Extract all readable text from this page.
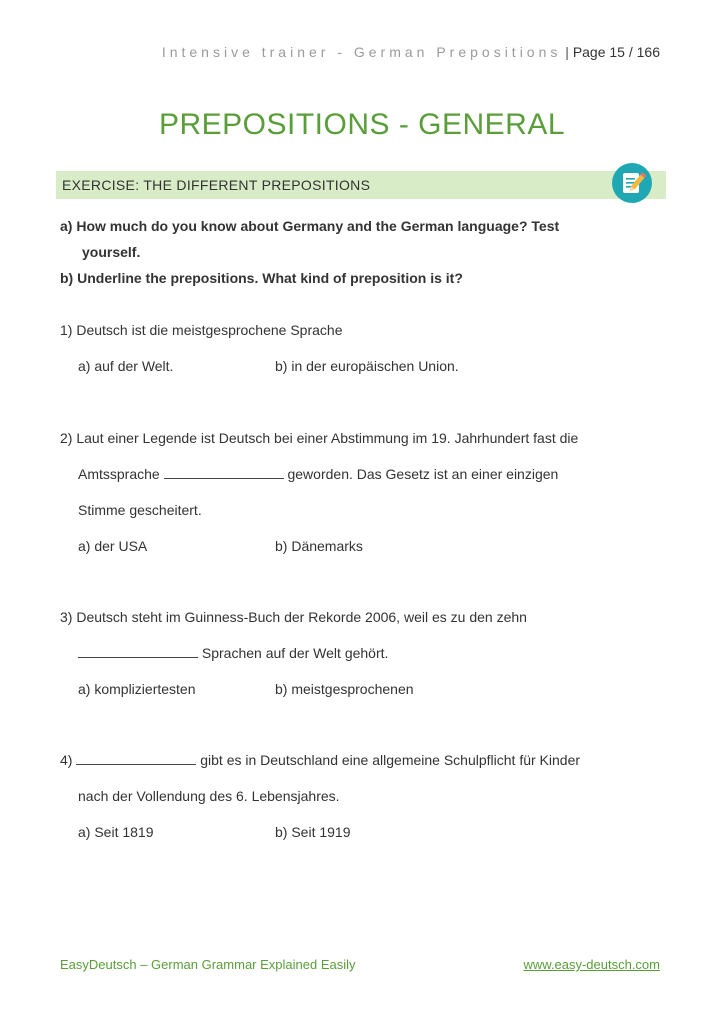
Intensive trainer - German Prepositions | Page 15 / 166
PREPOSITIONS - GENERAL
EXERCISE: THE DIFFERENT PREPOSITIONS
a) How much do you know about Germany and the German language? Test
yourself.
b) Underline the prepositions. What kind of preposition is it?
1) Deutsch ist die meistgesprochene Sprache
a) auf der Welt.	b) in der europäischen Union.
2) Laut einer Legende ist Deutsch bei einer Abstimmung im 19. Jahrhundert fast die
Amtssprache	geworden. Das Gesetz ist an einer einzigen
Stimme gescheitert.
a) der USA	b) Dänemarks
3) Deutsch steht im Guinness-Buch der Rekorde 2006, weil es zu den zehn
Sprachen auf der Welt gehört.
a) kompliziertesten	b) meistgesprochenen
4)	gibt es in Deutschland eine allgemeine Schulpflicht für Kinder
nach der Vollendung des 6. Lebensjahres.
a) Seit 1819	b) Seit 1919
EasyDeutsch – German Grammar Explained Easily	www.easy-deutsch.com
